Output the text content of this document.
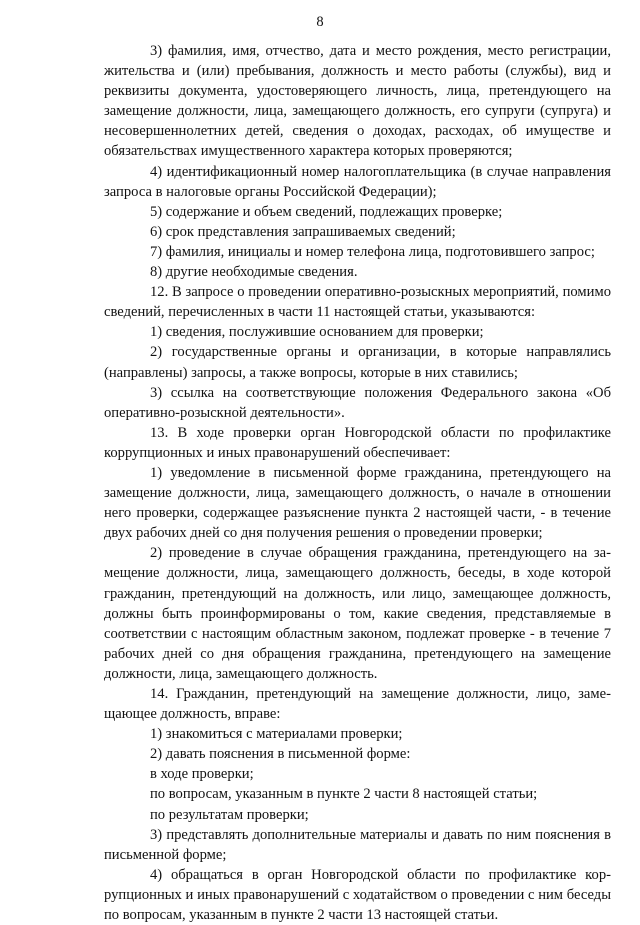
8

3) фамилия, имя, отчество, дата и место рождения, место регистрации, жительства и (или) пребывания, должность и место работы (службы), вид и реквизиты документа, удостоверяющего личность, лица, претендующего на замещение должности, лица, замещающего должность, его супруги (супруга) и несовершеннолетних детей, сведения о доходах, расходах, об имуществе и обязательствах имущественного характера которых проверяются;

4) идентификационный номер налогоплательщика (в случае направления запроса в налоговые органы Российской Федерации);

5) содержание и объем сведений, подлежащих проверке;

6) срок представления запрашиваемых сведений;

7) фамилия, инициалы и номер телефона лица, подготовившего запрос;

8) другие необходимые сведения.

12. В запросе о проведении оперативно-розыскных мероприятий, помимо сведений, перечисленных в части 11 настоящей статьи, указываются:

1) сведения, послужившие основанием для проверки;

2) государственные органы и организации, в которые направлялись (направлены) запросы, а также вопросы, которые в них ставились;

3) ссылка на соответствующие положения Федерального закона «Об оперативно-розыскной деятельности».

13. В ходе проверки орган Новгородской области по профилактике коррупционных и иных правонарушений обеспечивает:

1) уведомление в письменной форме гражданина, претендующего на замещение должности, лица, замещающего должность, о начале в отношении него проверки, содержащее разъяснение пункта 2 настоящей части, - в течение двух рабочих дней со дня получения решения о проведении проверки;

2) проведение в случае обращения гражданина, претендующего на замещение должности, лица, замещающего должность, беседы, в ходе которой гражданин, претендующий на должность, или лицо, замещающее должность, должны быть проинформированы о том, какие сведения, представляемые в соответствии с настоящим областным законом, подлежат проверке - в течение 7 рабочих дней со дня обращения гражданина, претендующего на замещение должности, лица, замещающего должность.

14. Гражданин, претендующий на замещение должности, лицо, замещающее должность, вправе:

1) знакомиться с материалами проверки;

2) давать пояснения в письменной форме:

в ходе проверки;

по вопросам, указанным в пункте 2 части 8 настоящей статьи;

по результатам проверки;

3) представлять дополнительные материалы и давать по ним пояснения в письменной форме;

4) обращаться в орган Новгородской области по профилактике коррупционных и иных правонарушений с ходатайством о проведении с ним беседы по вопросам, указанным в пункте 2 части 13 настоящей статьи.
